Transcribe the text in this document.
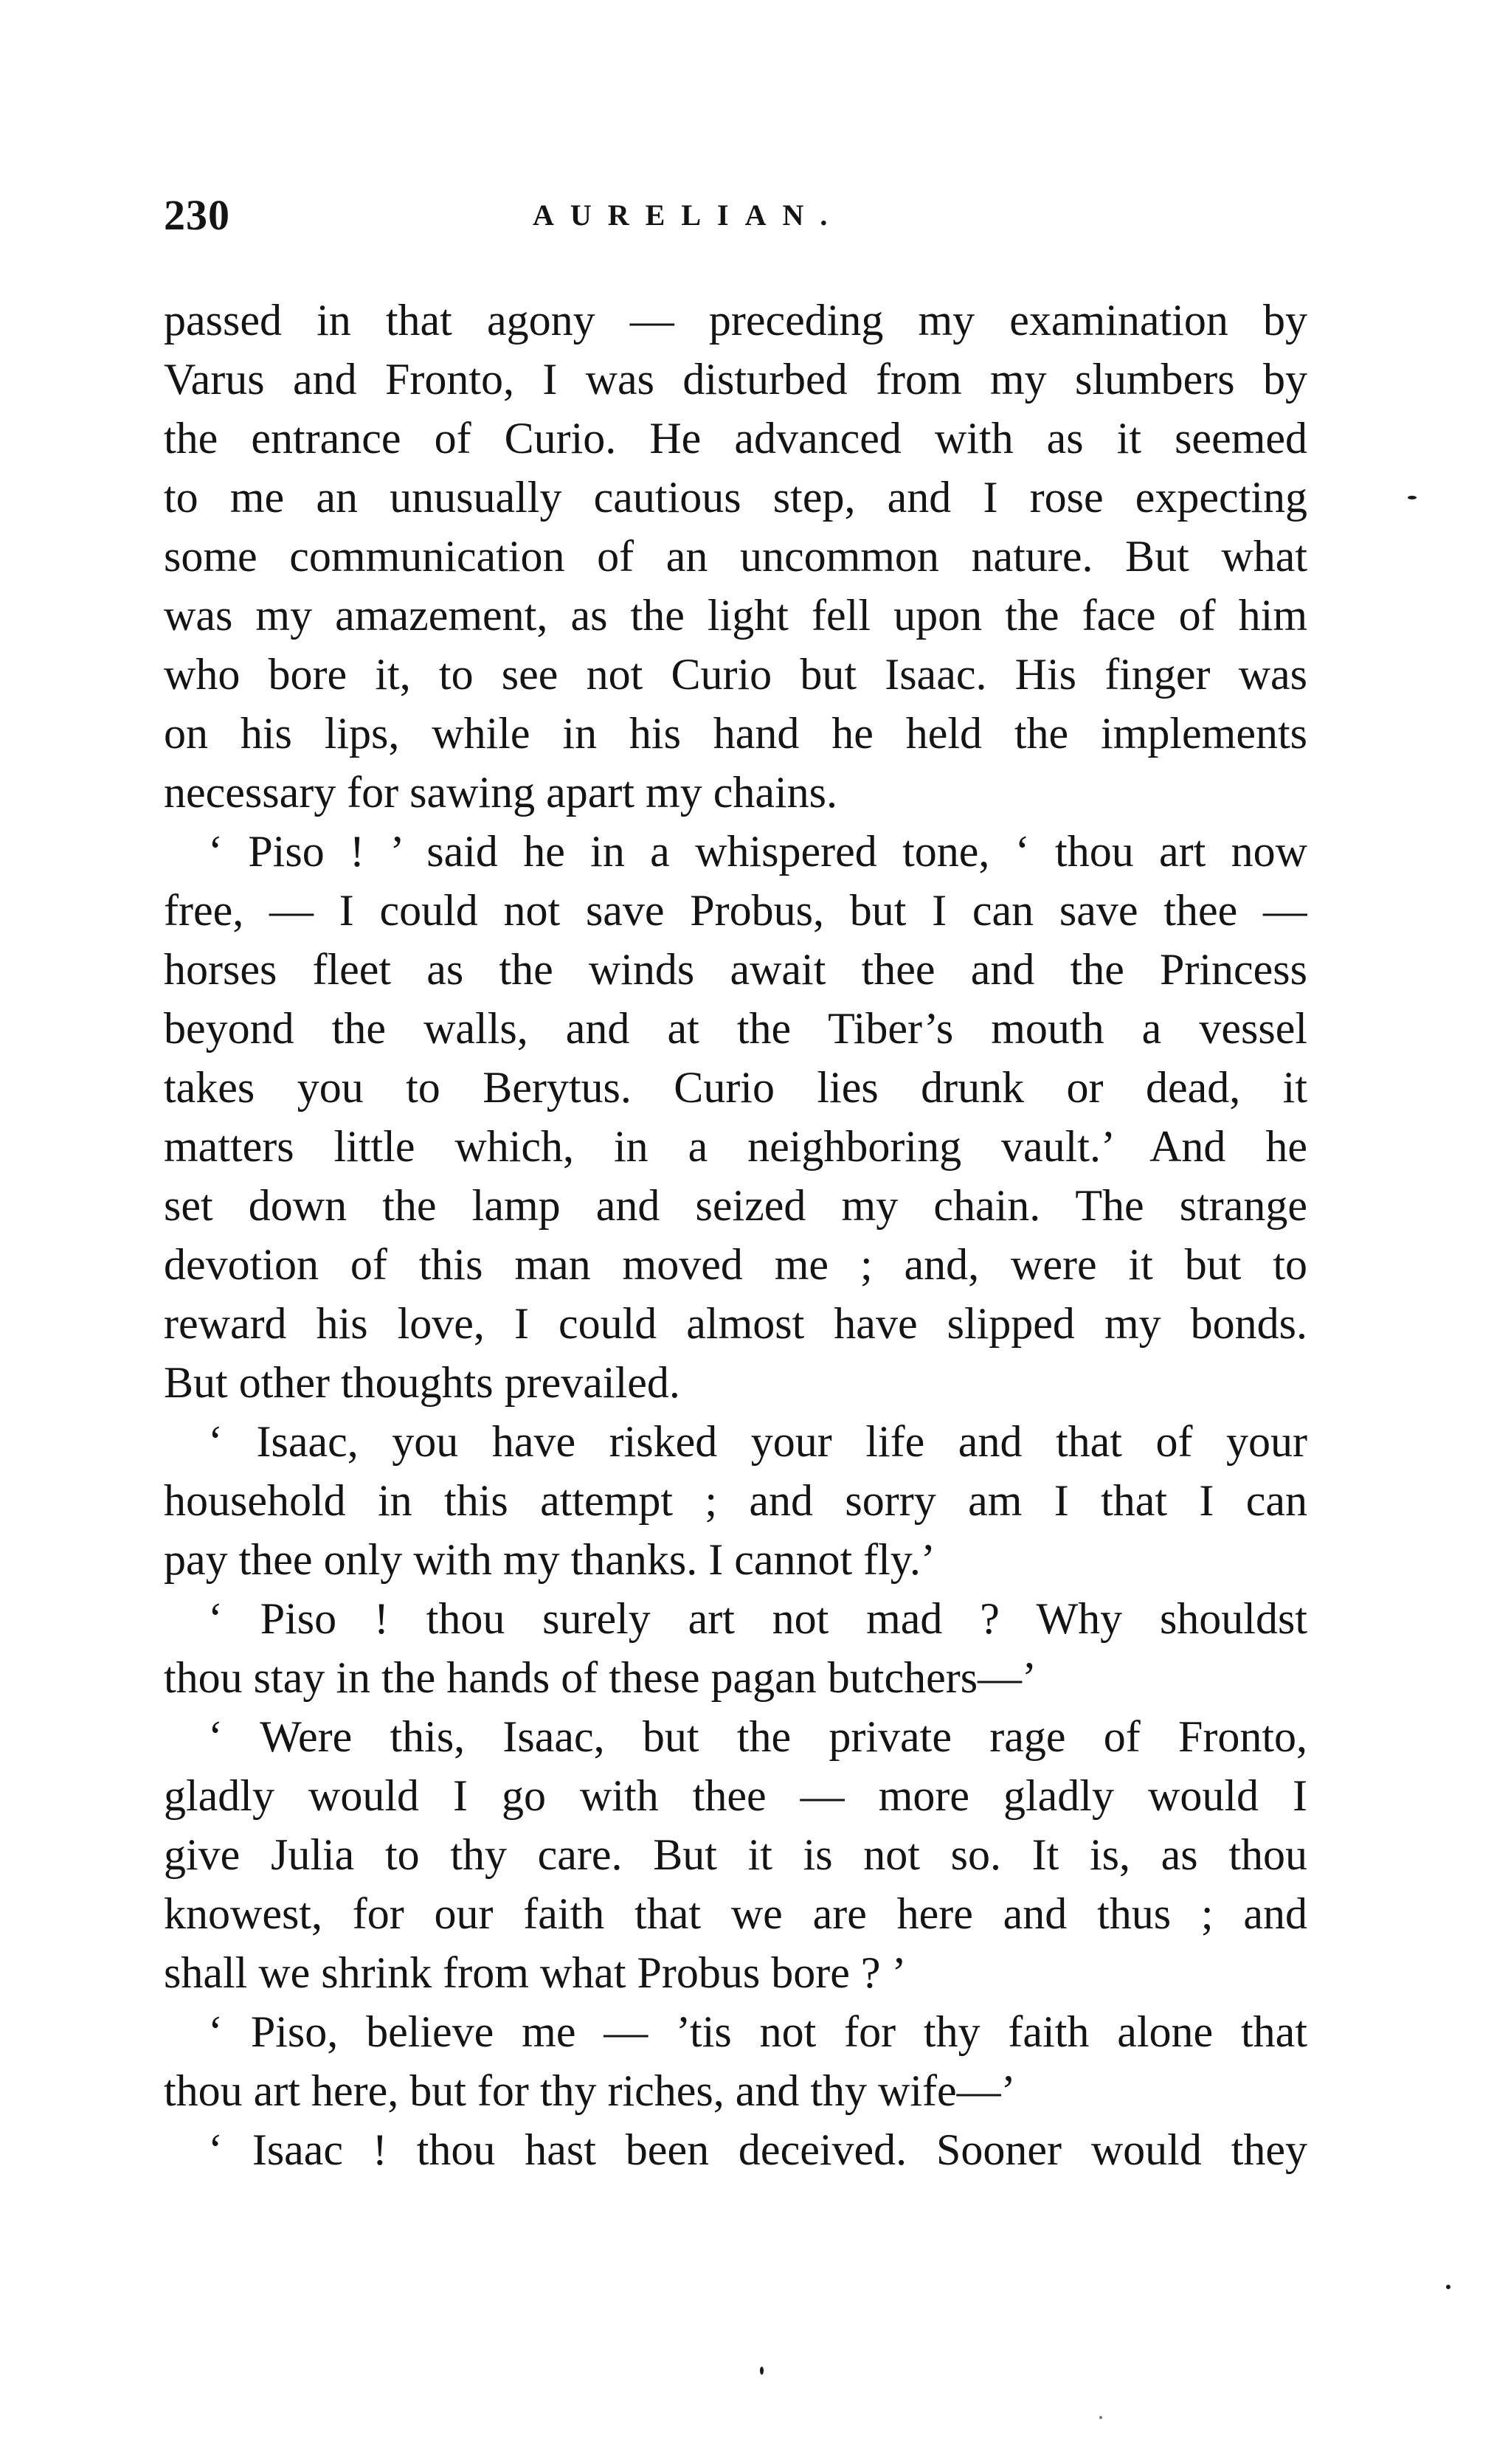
230	AURELIAN.
passed in that agony — preceding my examination by
Varus and Fronto, I was disturbed from my slumbers by
the entrance of Curio. He advanced with as it seemed
to me an unusually cautious step, and I rose expecting
some communication of an uncommon nature. But what
was my amazement, as the light fell upon the face of him
who bore it, to see not Curio but Isaac. His finger was
on his lips, while in his hand he held the implements
necessary for sawing apart my chains.
‘ Piso ! ’ said he in a whispered tone, ‘ thou art now
free, — I could not save Probus, but I can save thee —
horses fleet as the winds await thee and the Princess
beyond the walls, and at the Tiber’s mouth a vessel
takes you to Berytus. Curio lies drunk or dead, it
matters little which, in a neighboring vault.’ And he
set down the lamp and seized my chain. The strange
devotion of this man moved me ; and, were it but to
reward his love, I could almost have slipped my bonds.
But other thoughts prevailed.
‘ Isaac, you have risked your life and that of your
household in this attempt ; and sorry am I that I can
pay thee only with my thanks. I cannot fly.’
‘ Piso ! thou surely art not mad ? Why shouldst
thou stay in the hands of these pagan butchers—’
‘ Were this, Isaac, but the private rage of Fronto,
gladly would I go with thee — more gladly would I
give Julia to thy care. But it is not so. It is, as thou
knowest, for our faith that we are here and thus ; and
shall we shrink from what Probus bore ? ’
‘ Piso, believe me — ’tis not for thy faith alone that
thou art here, but for thy riches, and thy wife—’
‘ Isaac ! thou hast been deceived. Sooner would they
